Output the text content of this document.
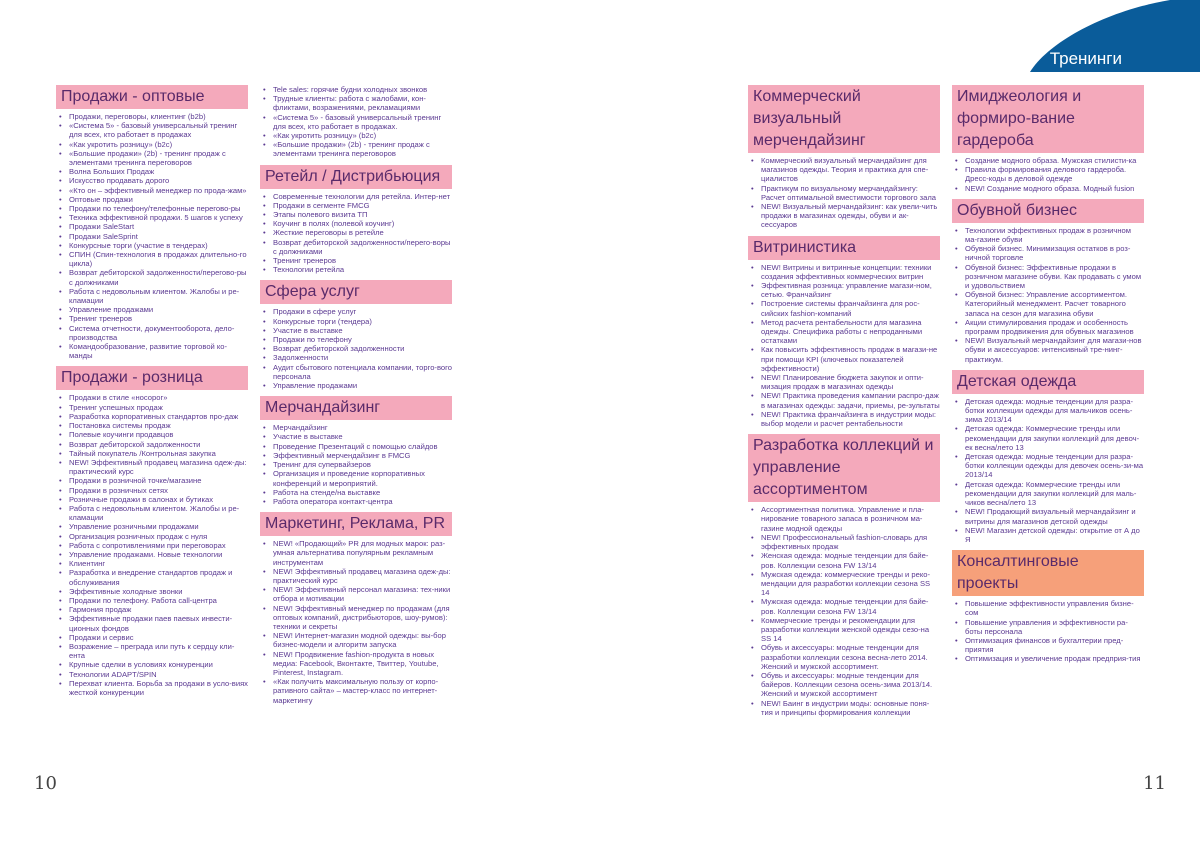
Продажи - оптовые
• Продажи, переговоры, клиентинг (b2b)
• «Система 5» - базовый универсальный тренинг для всех, кто работает в продажах
• «Как укротить розницу» (b2c)
• «Большие продажи» (2b) - тренинг продаж с элементами тренинга переговоров
• Волна Больших Продаж
• Искусство продавать дорого
• «Кто он – эффективный менеджер по прода-жам»
• Оптовые продажи
• Продажи по телефону/телефонные перегово-ры
• Техника эффективной продажи. 5 шагов к успеху
• Продажи SaleStart
• Продажи SaleSprint
• Конкурсные торги (участие в тендерах)
• СПИН (Спин-технология в продажах длительно-го цикла)
• Возврат дебиторской задолженности/перегово-ры с должниками
• Работа с недовольным клиентом. Жалобы и ре-кламации
• Управление продажами
• Тренинг тренеров
• Система отчетности, документооборота, дело-производства
• Командообразование, развитие торговой ко-манды
Продажи - розница
• Продажи в стиле «носорог»
• Тренинг успешных продаж
• Разработка корпоративных стандартов про-даж
• Постановка системы продаж
• Полевые коучинги продавцов
• Возврат дебиторской задолженности
• Тайный покупатель /Контрольная закупка
• NEW! Эффективный продавец магазина одеж-ды: практический курс
• Продажи в розничной точке/магазине
• Продажи в розничных сетях
• Розничные продажи в салонах и бутиках
• Работа с недовольным клиентом. Жалобы и ре-кламации
• Управление розничными продажами
• Организация розничных продаж с нуля
• Работа с сопротивлениями при переговорах
• Управление продажами. Новые технологии
• Клиентинг
• Разработка и внедрение стандартов продаж и обслуживания
• Эффективные холодные звонки
• Продажи по телефону. Работа call-центра
• Гармония продаж
• Эффективные продажи паев паевых инвести-ционных фондов
• Продажи и сервис
• Возражение – преграда или путь к сердцу кли-ента
• Крупные сделки в условиях конкуренции
• Технологии ADAPT/SPIN
• Перехват клиента. Борьба за продажи в усло-виях жесткой конкуренции
• Tele sales: горячие будни холодных звонков
• Трудные клиенты: работа с жалобами, кон-фликтами, возражениями, рекламациями
• «Система 5» - базовый универсальный тренинг для всех, кто работает в продажах.
• «Как укротить розницу» (b2c)
• «Большие продажи» (2b) - тренинг продаж с элементами тренинга переговоров
Ретейл / Дистрибьюция
• Современные технологии для ретейла. Интер-нет
• Продажи в сегменте FMCG
• Этапы полевого визита ТП
• Коучинг в полях (полевой коучинг)
• Жесткие переговоры в ретейле
• Возврат дебиторской задолженности/перего-воры с должниками
• Тренинг тренеров
• Технологии ретейла
Сфера услуг
• Продажи в сфере услуг
• Конкурсные торги (тендера)
• Участие в выставке
• Продажи по телефону
• Возврат дебиторской задолженности
• Задолженности
• Аудит сбытового потенциала компании, торго-вого персонала
• Управление продажами
Мерчандайзинг
• Мерчандайзинг
• Участие в выставке
• Проведение Презентаций с помощью слайдов
• Эффективный мерчендайзинг в FMCG
• Тренинг для супервайзеров
• Организация и проведение корпоративных конференций и мероприятий.
• Работа на стенде/на выставке
• Работа оператора контакт-центра
Маркетинг, Реклама, PR
• NEW! «Продающий» PR для модных марок: раз-умная альтернатива популярным рекламным инструментам
• NEW! Эффективный продавец магазина одеж-ды: практический курс
• NEW! Эффективный персонал магазина: тех-ники отбора и мотивации
• NEW! Эффективный менеджер по продажам (для оптовых компаний, дистрибьюторов, шоу-румов): техники и секреты
• NEW! Интернет-магазин модной одежды: вы-бор бизнес-модели и алгоритм запуска
• NEW! Продвижение fashion-продукта в новых медиа: Facebook, Вконтакте, Твиттер, Youtube, Pinterest, Instagram.
• «Как получить максимальную пользу от корпо-ративного сайта» – мастер-класс по интернет-маркетингу
10
Тренинги
Коммерческий визуальный мерчендайзинг
• Коммерческий визуальный мерчандайзинг для магазинов одежды. Теория и практика для спе-циалистов
• Практикум по визуальному мерчандайзингу: Расчет оптимальной вместимости торгового зала
• NEW! Визуальный мерчандайзинг: как увели-чить продажи в магазинах одежды, обуви и ак-сессуаров
Витринистика
• NEW! Витрины и витринные концепции: техники создания эффективных коммерческих витрин
• Эффективная розница: управление магази-ном, сетью. Франчайзинг
• Построение системы франчайзинга для рос-сийских fashion-компаний
• Метод расчета рентабельности для магазина одежды. Специфика работы с непроданными остатками
• Как повысить эффективность продаж в магази-не при помощи KPI (ключевых показателей эффективности)
• NEW! Планирование бюджета закупок и опти-мизация продаж в магазинах одежды
• NEW! Практика проведения кампании распро-даж в магазинах одежды: задачи, приемы, ре-зультаты
• NEW! Практика франчайзинга в индустрии моды: выбор модели и расчет рентабельности
Разработка коллекций и управление ассортиментом
• Ассортиментная политика. Управление и пла-нирование товарного запаса в розничном ма-газине модной одежды
• NEW! Профессиональный fashion-словарь для эффективных продаж
• Женская одежда: модные тенденции для байе-ров. Коллекции сезона FW 13/14
• Мужская одежда: коммерческие тренды и реко-мендации для разработки коллекции сезона SS 14
• Мужская одежда: модные тенденции для байе-ров. Коллекции сезона FW 13/14
• Коммерческие тренды и рекомендации для разработки коллекции женской одежды сезо-на SS 14
• Обувь и аксессуары: модные тенденции для разработки коллекции сезона весна-лето 2014. Женский и мужской ассортимент.
• Обувь и аксессуары: модные тенденции для байеров. Коллекции сезона осень-зима 2013/14. Женский и мужской ассортимент
• NEW! Баинг в индустрии моды: основные поня-тия и принципы формирования коллекции
Имиджеология и формиро-вание гардероба
• Создание модного образа. Мужская стилисти-ка
• Правила формирования делового гардероба. Дресс-коды в деловой одежде
• NEW! Создание модного образа. Модный fusion
Обувной бизнес
• Технологии эффективных продаж в розничном ма-газине обуви
• Обувной бизнес. Минимизация остатков в роз-ничной торговле
• Обувной бизнес: Эффективные продажи в розничном магазине обуви. Как продавать с умом и удовольствием
• Обувной бизнес: Управление ассортиментом. Категорийный менеджмент. Расчет товарного запаса на сезон для магазина обуви
• Акции стимулирования продаж и особенность программ продвижения для обувных магазинов
• NEW! Визуальный мерчандайзинг для магази-нов обуви и аксессуаров: интенсивный тре-нинг-практикум.
Детская одежда
• Детская одежда: модные тенденции для разра-ботки коллекции одежды для мальчиков осень-зима 2013/14
• Детская одежда: Коммерческие тренды или рекомендации для закупки коллекций для девоч-ек весна/лето 13
• Детская одежда: модные тенденции для разра-ботки коллекции одежды для девочек осень-зи-ма 2013/14
• Детская одежда: Коммерческие тренды или рекомендации для закупки коллекций для маль-чиков весна/лето 13
• NEW! Продающий визуальный мерчандайзинг и витрины для магазинов детской одежды
• NEW! Магазин детской одежды: открытие от А до Я
Консалтинговые проекты
• Повышение эффективности управления бизне-сом
• Повышение управления и эффективности ра-боты персонала
• Оптимизация финансов и бухгалтерии пред-приятия
• Оптимизация и увеличение продаж предприя-тия
11
